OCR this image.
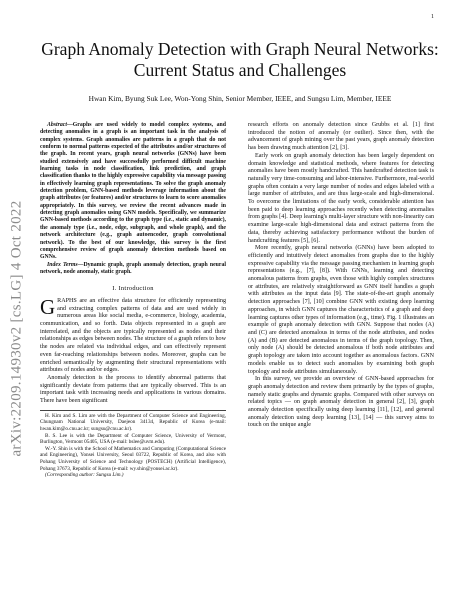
1
arXiv:2209.14930v2 [cs.LG] 4 Oct 2022
Graph Anomaly Detection with Graph Neural Networks: Current Status and Challenges
Hwan Kim, Byung Suk Lee, Won-Yong Shin, Senior Member, IEEE, and Sungsu Lim, Member, IEEE

Abstract—Graphs are used widely to model complex systems, and detecting anomalies in a graph is an important task in the analysis of complex systems. Graph anomalies are patterns in a graph that do not conform to normal patterns expected of the attributes and/or structures of the graph. In recent years, graph neural networks (GNNs) have been studied extensively and have successfully performed difficult machine learning tasks in node classification, link prediction, and graph classification thanks to the highly expressive capability via message passing in effectively learning graph representations. To solve the graph anomaly detection problem, GNN-based methods leverage information about the graph attributes (or features) and/or structures to learn to score anomalies appropriately. In this survey, we review the recent advances made in detecting graph anomalies using GNN models. Specifically, we summarize GNN-based methods according to the graph type (i.e., static and dynamic), the anomaly type (i.e., node, edge, subgraph, and whole graph), and the network architecture (e.g., graph autoencoder, graph convolutional network). To the best of our knowledge, this survey is the first comprehensive review of graph anomaly detection methods based on GNNs.

Index Terms—Dynamic graph, graph anomaly detection, graph neural network, node anomaly, static graph.

I. Introduction

GRAPHS are an effective data structure for efficiently representing and extracting complex patterns of data and are used widely in numerous areas like social media, e-commerce, biology, academia, communication, and so forth. Data objects represented in a graph are interrelated, and the objects are typically represented as nodes and their relationships as edges between nodes. The structure of a graph refers to how the nodes are related via individual edges, and can effectively represent even far-reaching relationships between nodes. Moreover, graphs can be enriched semantically by augmenting their structural representations with attributes of nodes and/or edges.

Anomaly detection is the process to identify abnormal patterns that significantly deviate from patterns that are typically observed. This is an important task with increasing needs and applications in various domains. There have been significant

H. Kim and S. Lim are with the Department of Computer Science and Engineering, Chungnam National University, Daejeon 34134, Republic of Korea (e-mail: hwan.kim@o.cnu.ac.kr; sungsu@cnu.ac.kr).

B. S. Lee is with the Department of Computer Science, University of Vermont, Burlington, Vermont 05405, USA (e-mail: bslee@uvm.edu).

W.-Y. Shin is with the School of Mathematics and Computing (Computational Science and Engineering), Yonsei University, Seoul 03722, Republic of Korea, and also with Pohang University of Science and Technology (POSTECH) (Artificial Intelligence), Pohang 37673, Republic of Korea (e-mail: wy.shin@yonsei.ac.kr).

(Corresponding author: Sungsu Lim.)

research efforts on anomaly detection since Grubbs et al. [1] first introduced the notion of anomaly (or outlier). Since then, with the advancement of graph mining over the past years, graph anomaly detection has been drawing much attention [2], [3].

Early work on graph anomaly detection has been largely dependent on domain knowledge and statistical methods, where features for detecting anomalies have been mostly handcrafted. This handcrafted detection task is naturally very time-consuming and labor-intensive. Furthermore, real-world graphs often contain a very large number of nodes and edges labeled with a large number of attributes, and are thus large-scale and high-dimensional. To overcome the limitations of the early work, considerable attention has been paid to deep learning approaches recently when detecting anomalies from graphs [4]. Deep learning's multi-layer structure with non-linearity can examine large-scale high-dimensional data and extract patterns from the data, thereby achieving satisfactory performance without the burden of handcrafting features [5], [6].

More recently, graph neural networks (GNNs) have been adopted to efficiently and intuitively detect anomalies from graphs due to the highly expressive capability via the message passing mechanism in learning graph representations (e.g., [7], [8]). With GNNs, learning and detecting anomalous patterns from graphs, even those with highly complex structures or attributes, are relatively straightforward as GNN itself handles a graph with attributes as the input data [9]. The state-of-the-art graph anomaly detection approaches [7], [10] combine GNN with existing deep learning approaches, in which GNN captures the characteristics of a graph and deep learning captures other types of information (e.g., time). Fig. 1 illustrates an example of graph anomaly detection with GNN. Suppose that nodes (A) and (C) are detected anomalous in terms of the node attributes, and nodes (A) and (B) are detected anomalous in terms of the graph topology. Then, only node (A) should be detected anomalous if both node attributes and graph topology are taken into account together as anomalous factors. GNN models enable us to detect such anomalies by examining both graph topology and node attributes simultaneously.

In this survey, we provide an overview of GNN-based approaches for graph anomaly detection and review them primarily by the types of graphs, namely static graphs and dynamic graphs. Compared with other surveys on related topics — on graph anomaly detection in general [2], [3], graph anomaly detection specifically using deep learning [11], [12], and general anomaly detection using deep learning [13], [14] — this survey aims to touch on the unique angle
